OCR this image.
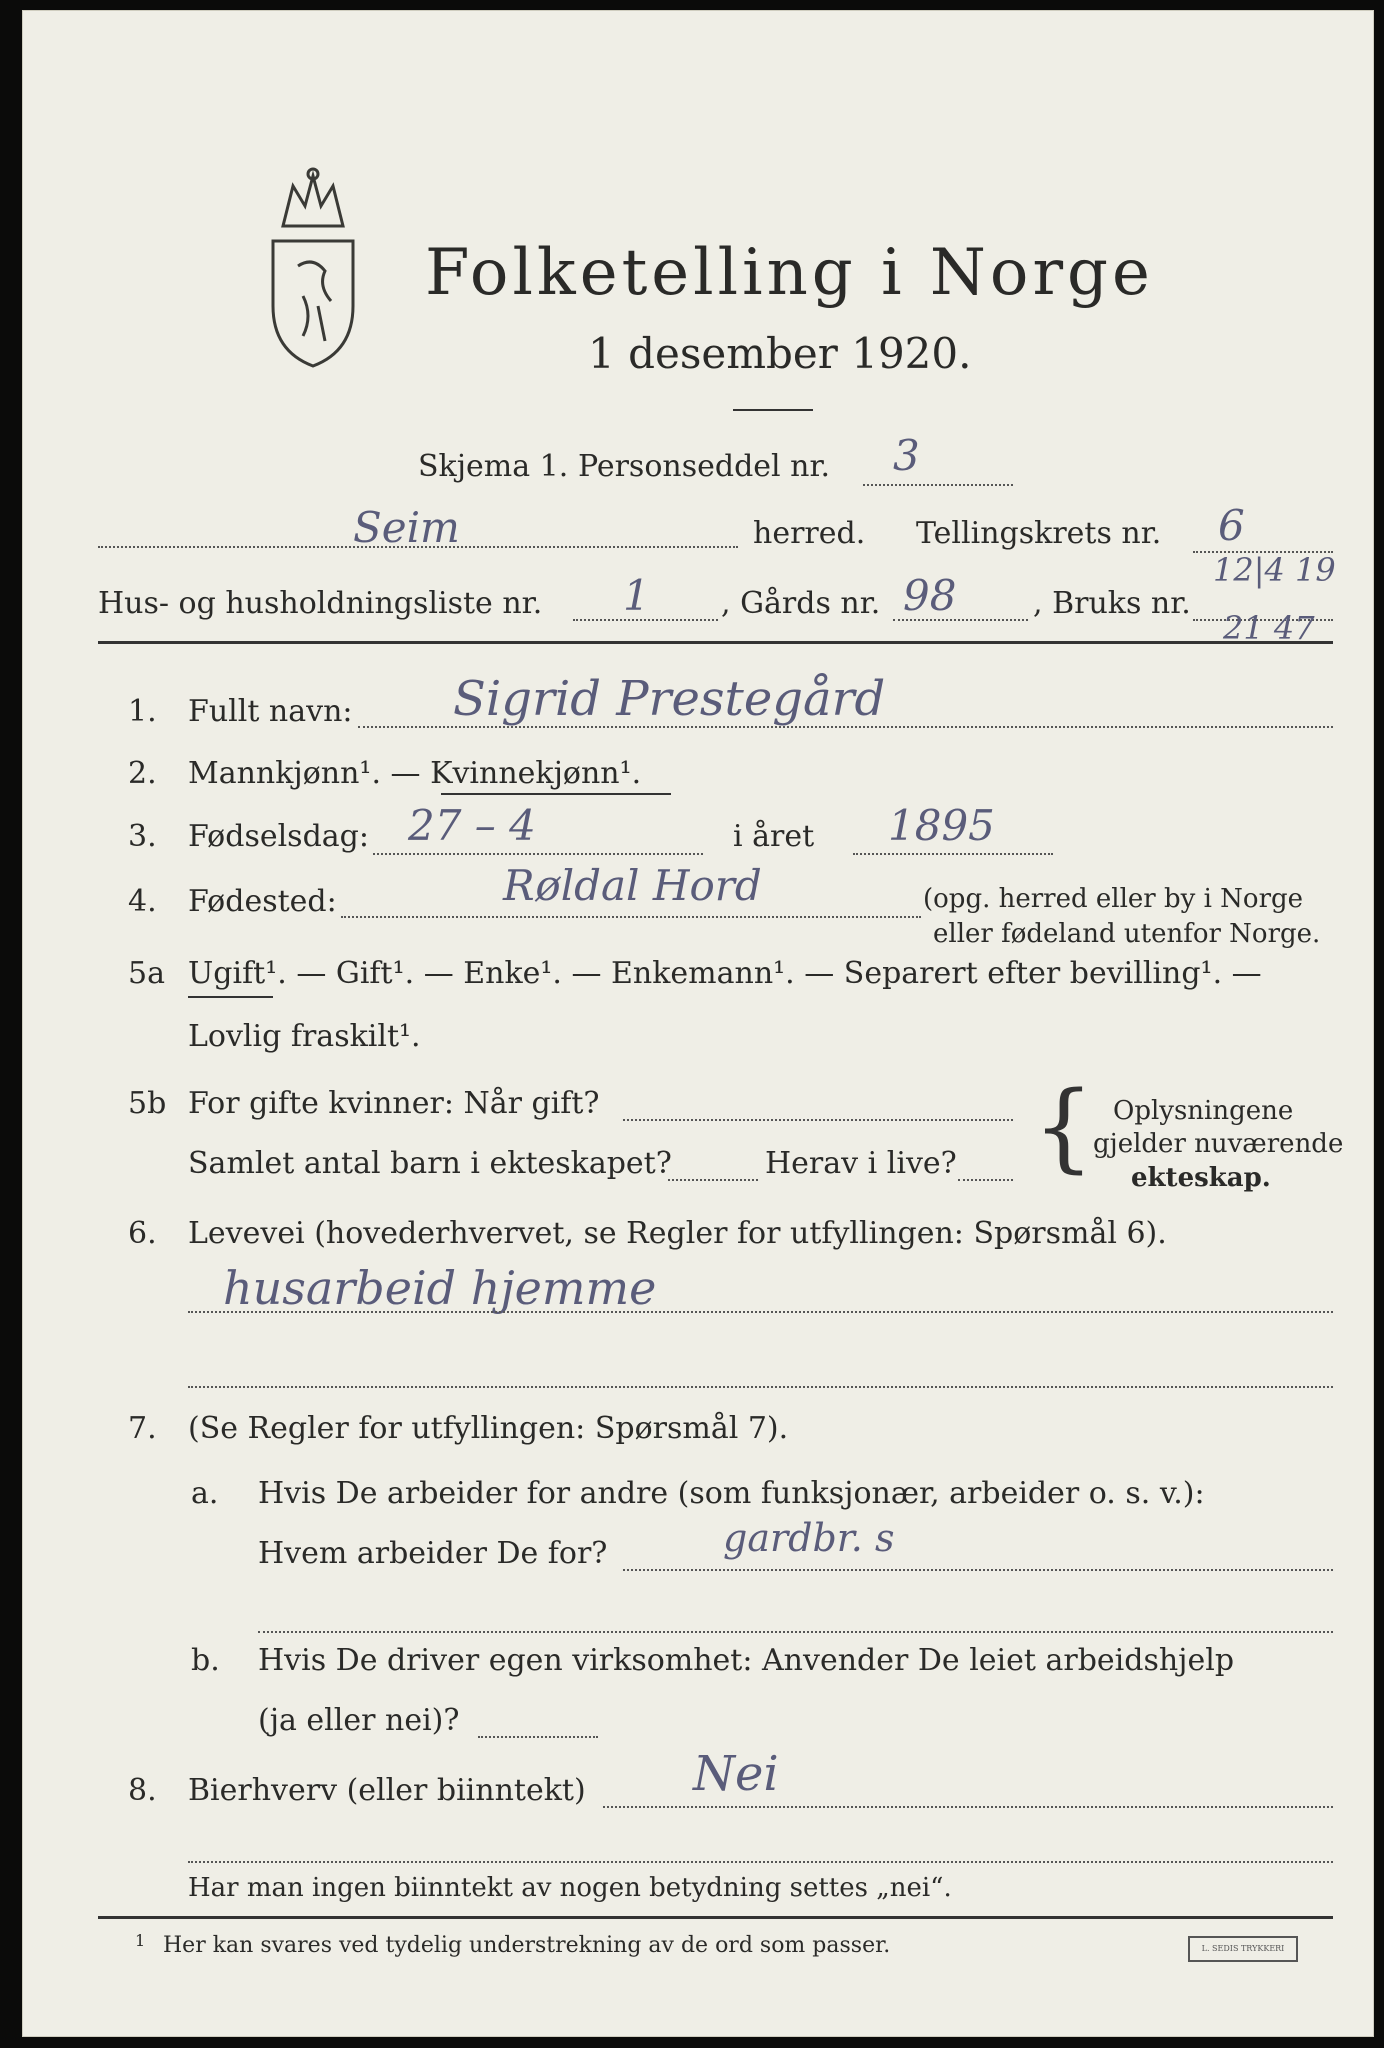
Folketelling i Norge
1 desember 1920.
Skjema 1. Personseddel nr. 3
Seim	herred. Tellingskrets nr. 6
Hus- og husholdningsliste nr. 1 , Gårds nr. 98	, Bruks nr.
12|4 19
21 47
1. Fullt navn: Sigrid Prestegård
2. Mannkjønn¹. — Kvinnekjønn¹.
3. Fødselsdag: 27 – 4	i året 1895
4. Fødested:	Røldal Hord	(opg. herred eller by i Norge
eller fødeland utenfor Norge.
5a Ugift¹. — Gift¹. — Enke¹. — Enkemann¹. — Separert efter bevilling¹. —
Lovlig fraskilt¹.
5b For gifte kvinner: Når gift?
Samlet antal barn i ekteskapet?	Herav i live? { Oplysningene
gjelder nuværende
ekteskap.
6. Levevei (hovederhvervet, se Regler for utfyllingen: Spørsmål 6).
husarbeid hjemme
7. (Se Regler for utfyllingen: Spørsmål 7).
a. Hvis De arbeider for andre (som funksjonær, arbeider o. s. v.):
Hvem arbeider De for?	gardbr. s
b. Hvis De driver egen virksomhet: Anvender De leiet arbeidshjelp
(ja eller nei)?
8. Bierhverv (eller biinntekt) Nei
Har man ingen biinntekt av nogen betydning settes „nei“.
1 Her kan svares ved tydelig understrekning av de ord som passer.	L. SEDIS TRYKKERI
